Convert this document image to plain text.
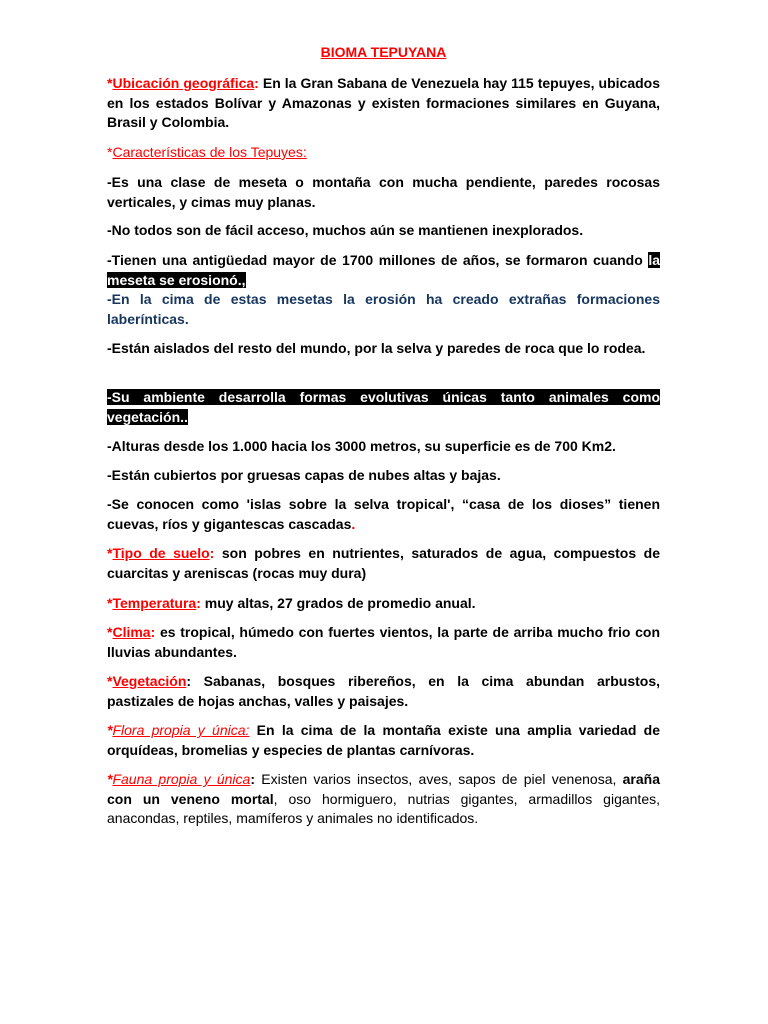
BIOMA TEPUYANA
*Ubicación geográfica: En la Gran Sabana de Venezuela hay 115 tepuyes, ubicados en los estados Bolívar y Amazonas y existen formaciones similares en Guyana, Brasil y Colombia.
*Características de los Tepuyes:
-Es una clase de meseta o montaña con mucha pendiente, paredes rocosas verticales, y cimas muy planas.
-No todos son de fácil acceso, muchos aún se mantienen inexplorados.
-Tienen una antigüedad mayor de 1700 millones de años, se formaron cuando la meseta se erosionó.,
-En la cima de estas mesetas la erosión ha creado extrañas formaciones laberínticas.
-Están aislados del resto del mundo, por la selva y paredes de roca que lo rodea.
-Su ambiente desarrolla formas evolutivas únicas tanto animales como vegetación..
-Alturas desde los 1.000 hacia los 3000 metros, su superficie es de 700 Km2.
-Están cubiertos por gruesas capas de nubes altas y bajas.
-Se conocen como 'islas sobre la selva tropical', “casa de los dioses” tienen cuevas, ríos y gigantescas cascadas.
*Tipo de suelo: son pobres en nutrientes, saturados de agua, compuestos de cuarcitas y areniscas (rocas muy dura)
*Temperatura: muy altas, 27 grados de promedio anual.
*Clima: es tropical, húmedo con fuertes vientos, la parte de arriba mucho frio con lluvias abundantes.
*Vegetación: Sabanas, bosques ribereños, en la cima abundan arbustos, pastizales de hojas anchas, valles y paisajes.
*Flora propia y única: En la cima de la montaña existe una amplia variedad de orquídeas, bromelias y especies de plantas carnívoras.
*Fauna propia y única: Existen varios insectos, aves, sapos de piel venenosa, araña con un veneno mortal, oso hormiguero, nutrias gigantes, armadillos gigantes, anacondas, reptiles, mamíferos y animales no identificados.
